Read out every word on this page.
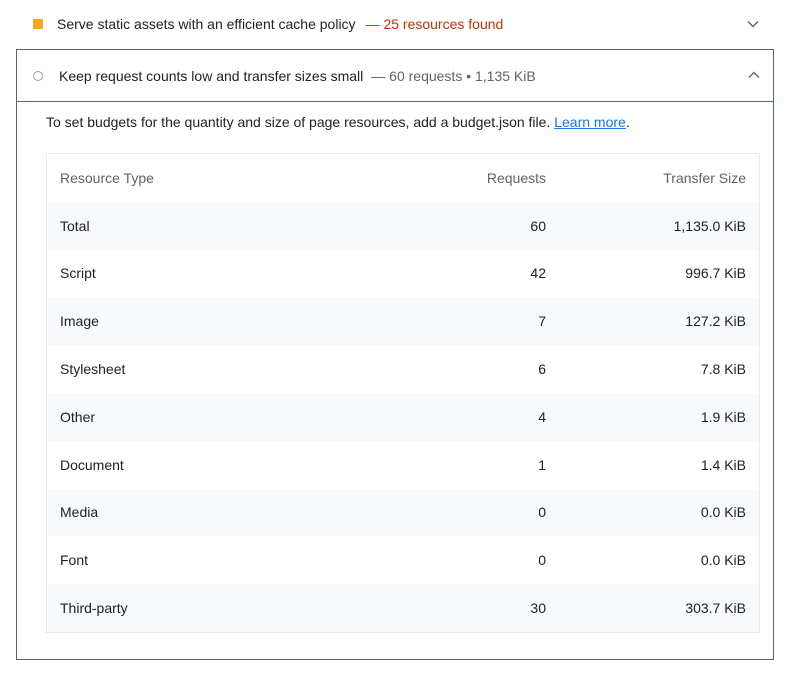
Serve static assets with an efficient cache policy — 25 resources found
Keep request counts low and transfer sizes small — 60 requests • 1,135 KiB
To set budgets for the quantity and size of page resources, add a budget.json file. Learn more.
Resource Type	Requests	Transfer Size
Total	60	1,135.0 KiB
Script	42	996.7 KiB
Image	7	127.2 KiB
Stylesheet	6	7.8 KiB
Other	4	1.9 KiB
Document	1	1.4 KiB
Media	0	0.0 KiB
Font	0	0.0 KiB
Third-party	30	303.7 KiB
